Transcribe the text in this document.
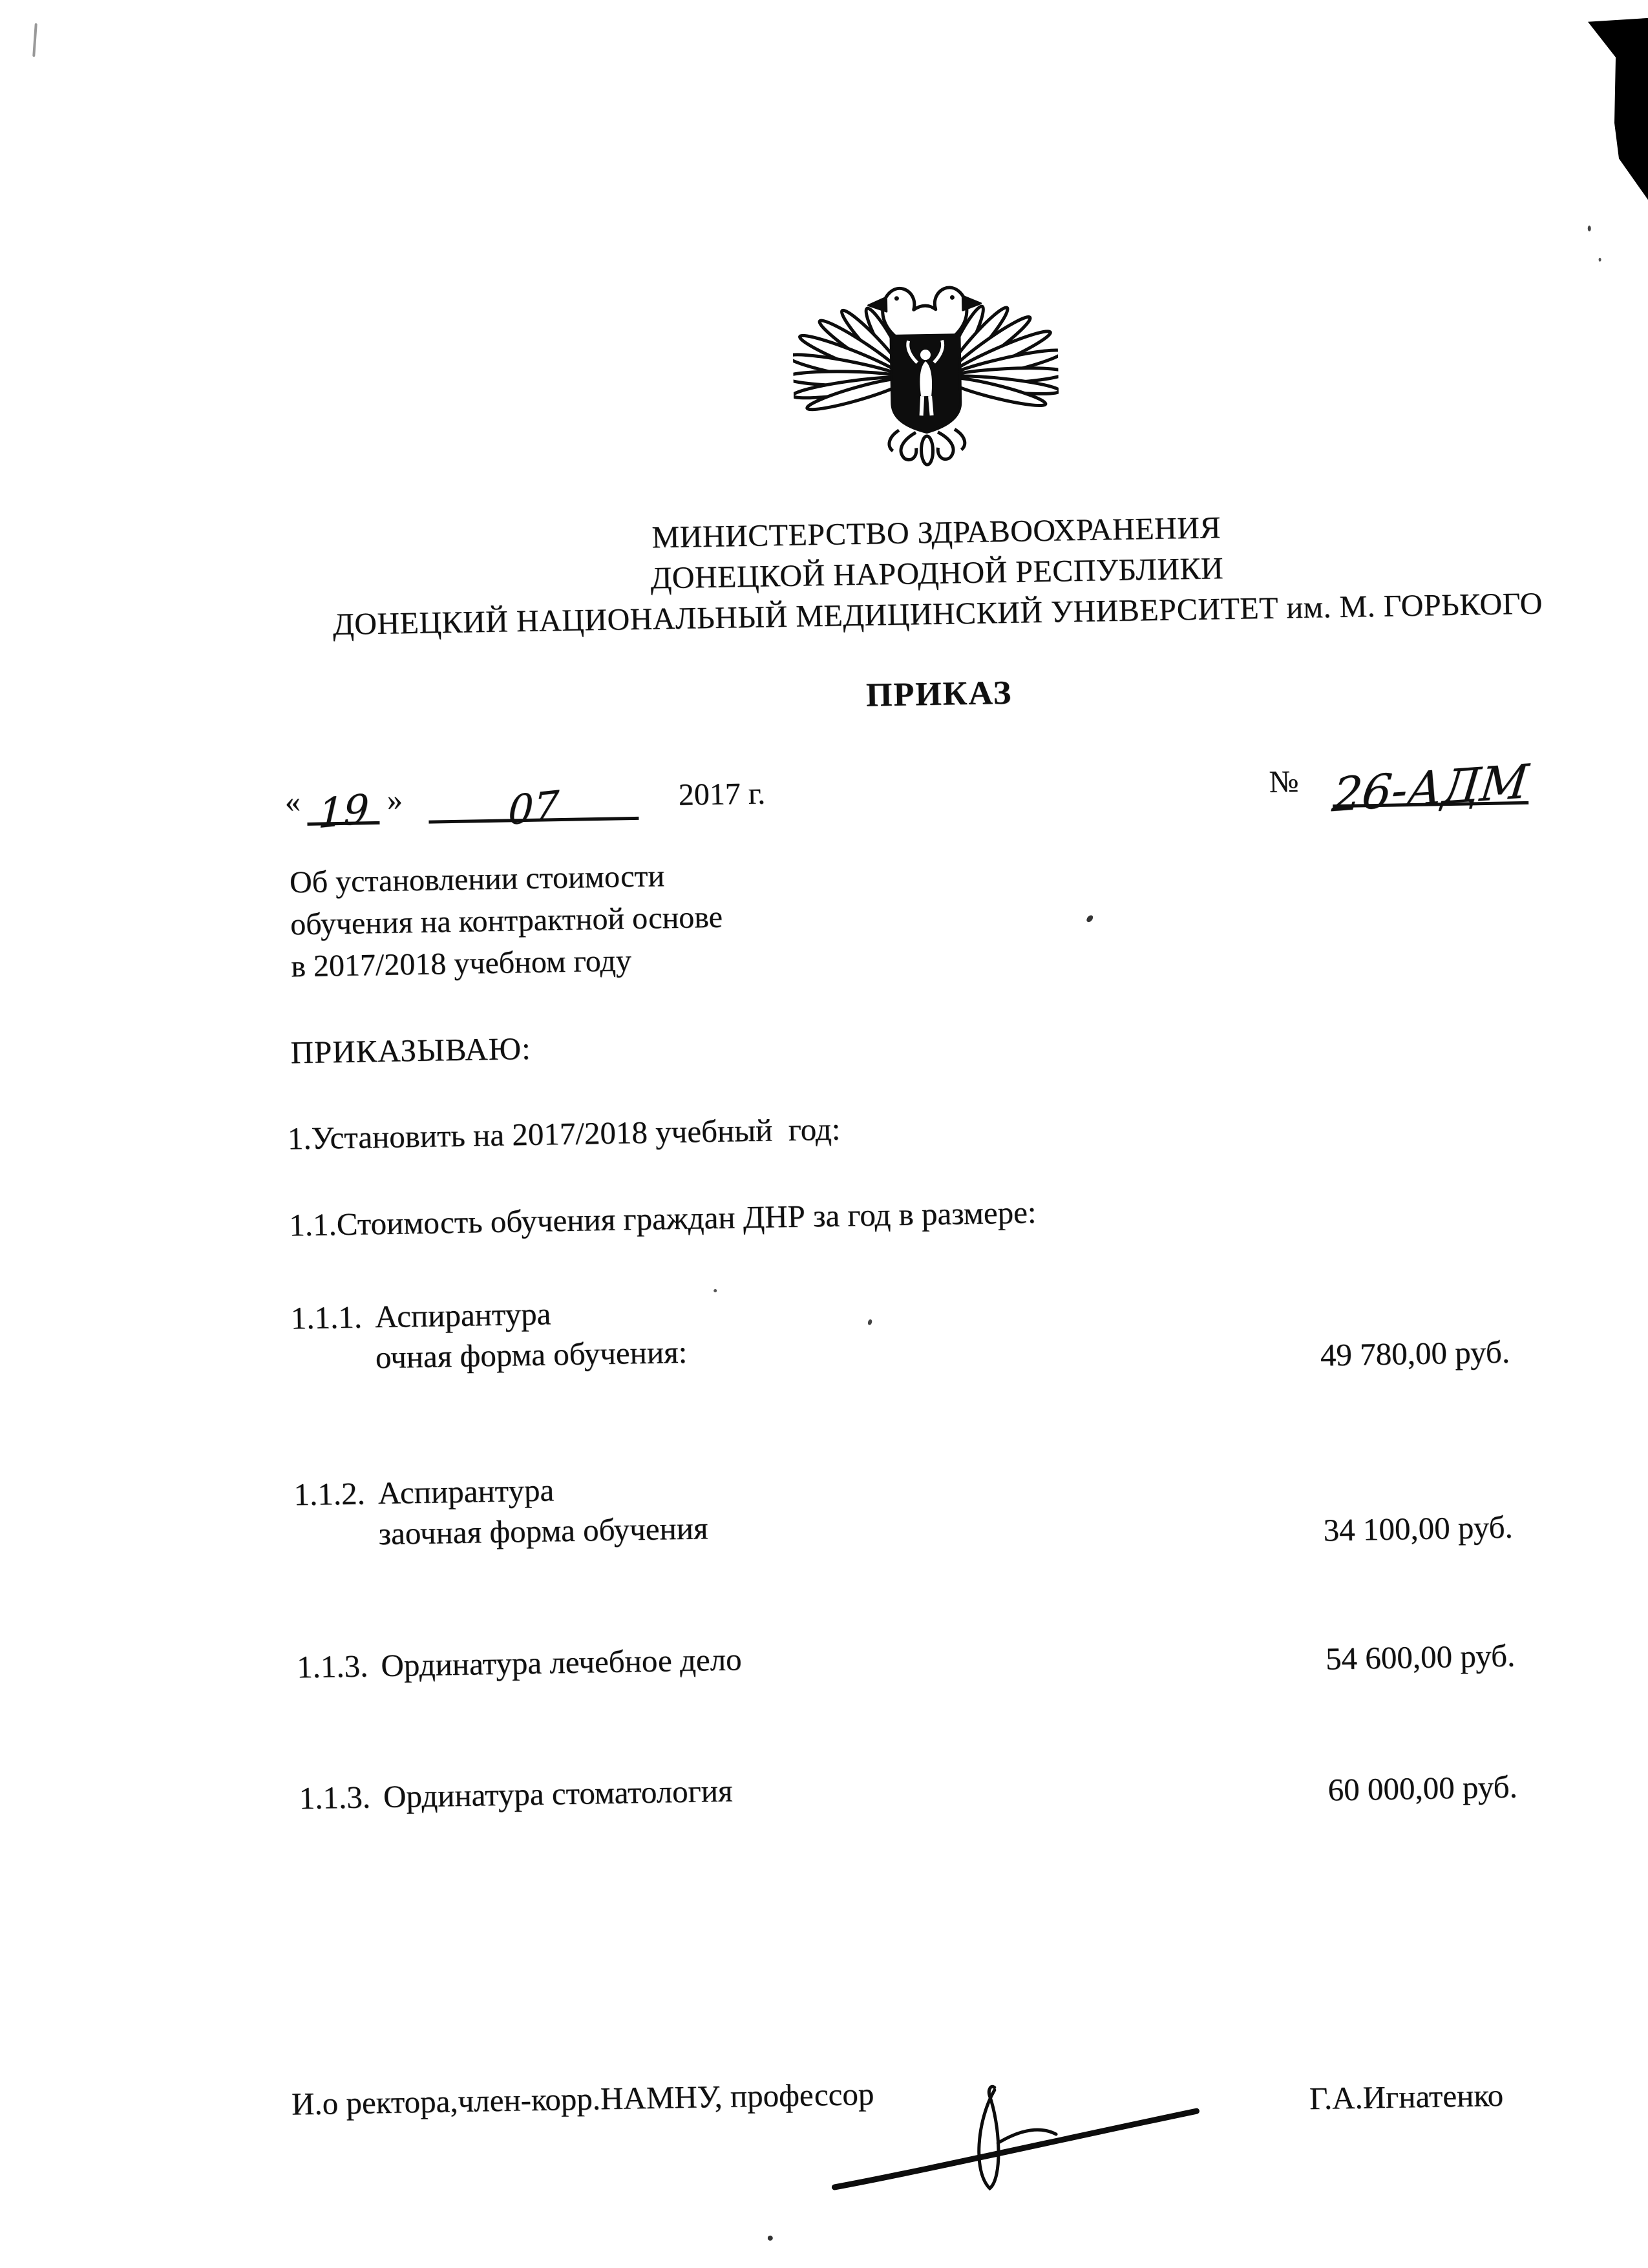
МИНИСТЕРСТВО ЗДРАВООХРАНЕНИЯ
ДОНЕЦКОЙ НАРОДНОЙ РЕСПУБЛИКИ
ДОНЕЦКИЙ НАЦИОНАЛЬНЫЙ МЕДИЦИНСКИЙ УНИВЕРСИТЕТ им. М. ГОРЬКОГО
ПРИКАЗ
« 19 »	07	2017 г.	№ 26-АДМ
Об установлении стоимости
обучения на контрактной основе
в 2017/2018 учебном году
ПРИКАЗЫВАЮ:
1.Установить на 2017/2018 учебный  год:
1.1.Стоимость обучения граждан ДНР за год в размере:
1.1.1. Аспирантура
очная форма обучения:	49 780,00 руб.
1.1.2. Аспирантура
заочная форма обучения	34 100,00 руб.
1.1.3. Ординатура лечебное дело	54 600,00 руб.
1.1.3. Ординатура стоматология	60 000,00 руб.
И.о ректора,член-корр.НАМНУ, профессор	Г.А.Игнатенко
